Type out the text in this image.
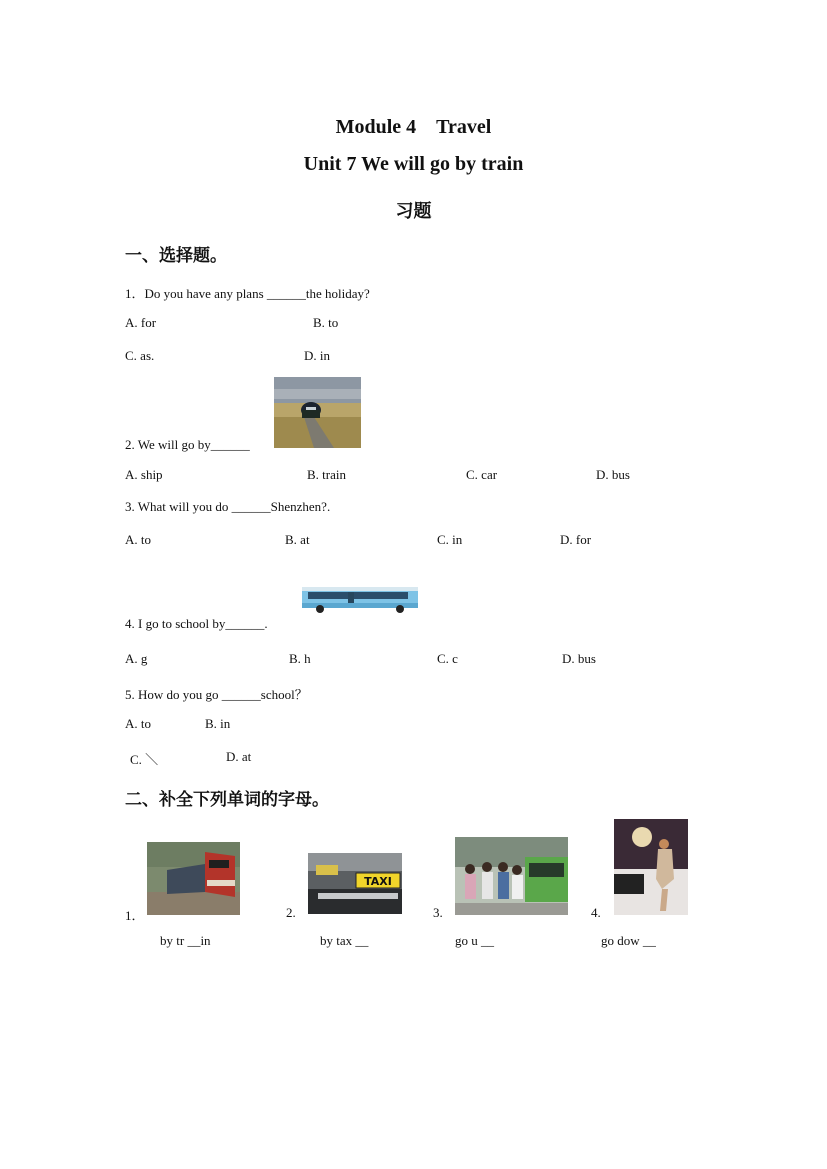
Module 4　Travel
Unit 7 We will go by train
习题
一、选择题。
1．Do you have any plans ______the holiday?
A. for	B. to
C. as.	D. in
2. We will go by______
A. ship	B. train	C. car	D. bus
3. What will you do ______Shenzhen?.
A. to	B. at	C. in	D. for
4. I go to school by______.
A. g	B. h	C. c	D. bus
5. How do you go ______school？
A. to	B. in
C. ＼	D. at
二、补全下列单词的字母。
1．
by tr __in
TAXI
2.
by tax __
3.
go u __
4.
go dow __
